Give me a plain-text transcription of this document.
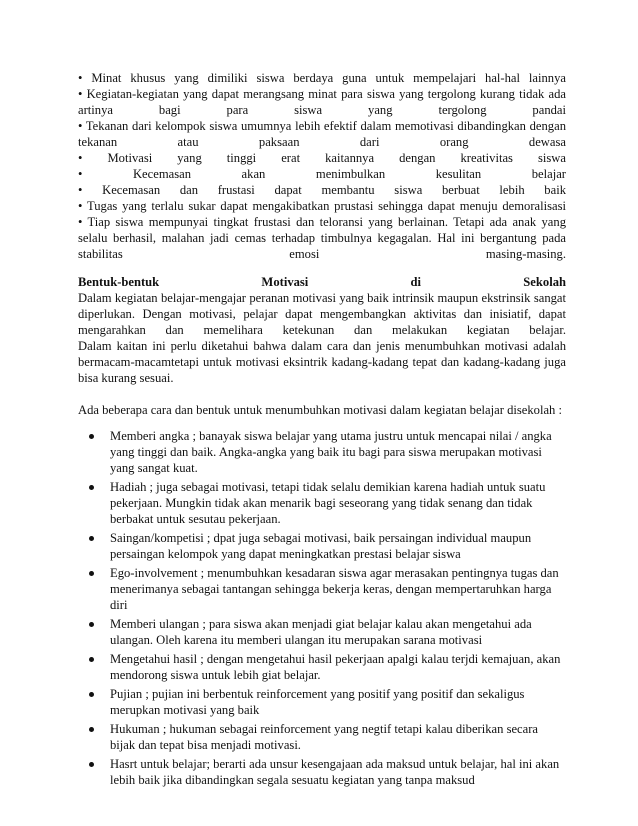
• Minat khusus yang dimiliki siswa berdaya guna untuk mempelajari hal-hal lainnya
• Kegiatan-kegiatan yang dapat merangsang minat para siswa yang tergolong kurang tidak ada
artinya bagi para siswa yang tergolong pandai
• Tekanan dari kelompok siswa umumnya lebih efektif dalam memotivasi dibandingkan dengan
tekanan atau paksaan dari orang dewasa
• Motivasi yang tinggi erat kaitannya dengan kreativitas siswa
• Kecemasan akan menimbulkan kesulitan belajar
• Kecemasan dan frustasi dapat membantu siswa berbuat lebih baik
• Tugas yang terlalu sukar dapat mengakibatkan prustasi sehingga dapat menuju demoralisasi
• Tiap siswa mempunyai tingkat frustasi dan teloransi yang berlainan. Tetapi ada anak yang
selalu berhasil, malahan jadi cemas terhadap timbulnya kegagalan. Hal ini bergantung pada
stabilitas emosi masing-masing.
Bentuk-bentuk Motivasi di Sekolah
Dalam kegiatan belajar-mengajar peranan motivasi yang baik intrinsik maupun ekstrinsik sangat
diperlukan. Dengan motivasi, pelajar dapat mengembangkan aktivitas dan inisiatif, dapat
mengarahkan dan memelihara ketekunan dan melakukan kegiatan belajar.
Dalam kaitan ini perlu diketahui bahwa dalam cara dan jenis menumbuhkan motivasi adalah
bermacam-macamtetapi untuk motivasi eksintrik kadang-kadang tepat dan kadang-kadang juga
bisa kurang sesuai.
Ada beberapa cara dan bentuk untuk menumbuhkan motivasi dalam kegiatan belajar disekolah :
Memberi angka ; banayak siswa belajar yang utama justru untuk mencapai nilai / angka
yang tinggi dan baik. Angka-angka yang baik itu bagi para siswa merupakan motivasi
yang sangat kuat.
Hadiah ; juga sebagai motivasi, tetapi tidak selalu demikian karena hadiah untuk suatu
pekerjaan. Mungkin tidak akan menarik bagi seseorang yang tidak senang dan tidak
berbakat untuk sesutau pekerjaan.
Saingan/kompetisi ; dpat juga sebagai motivasi, baik persaingan individual maupun
persaingan kelompok yang dapat meningkatkan prestasi belajar siswa
Ego-involvement ; menumbuhkan kesadaran siswa agar merasakan pentingnya tugas dan
menerimanya sebagai tantangan sehingga bekerja keras, dengan mempertaruhkan harga
diri
Memberi ulangan ; para siswa akan menjadi giat belajar kalau akan mengetahui ada
ulangan. Oleh karena itu memberi ulangan itu merupakan sarana motivasi
Mengetahui hasil ; dengan mengetahui hasil pekerjaan apalgi kalau terjdi kemajuan, akan
mendorong siswa untuk lebih giat belajar.
Pujian ; pujian ini berbentuk reinforcement yang positif yang positif dan sekaligus
merupkan motivasi yang baik
Hukuman ; hukuman sebagai reinforcement yang negtif tetapi kalau diberikan secara
bijak dan tepat bisa menjadi motivasi.
Hasrt untuk belajar; berarti ada unsur kesengajaan ada maksud untuk belajar, hal ini akan
lebih baik jika dibandingkan segala sesuatu kegiatan yang tanpa maksud
